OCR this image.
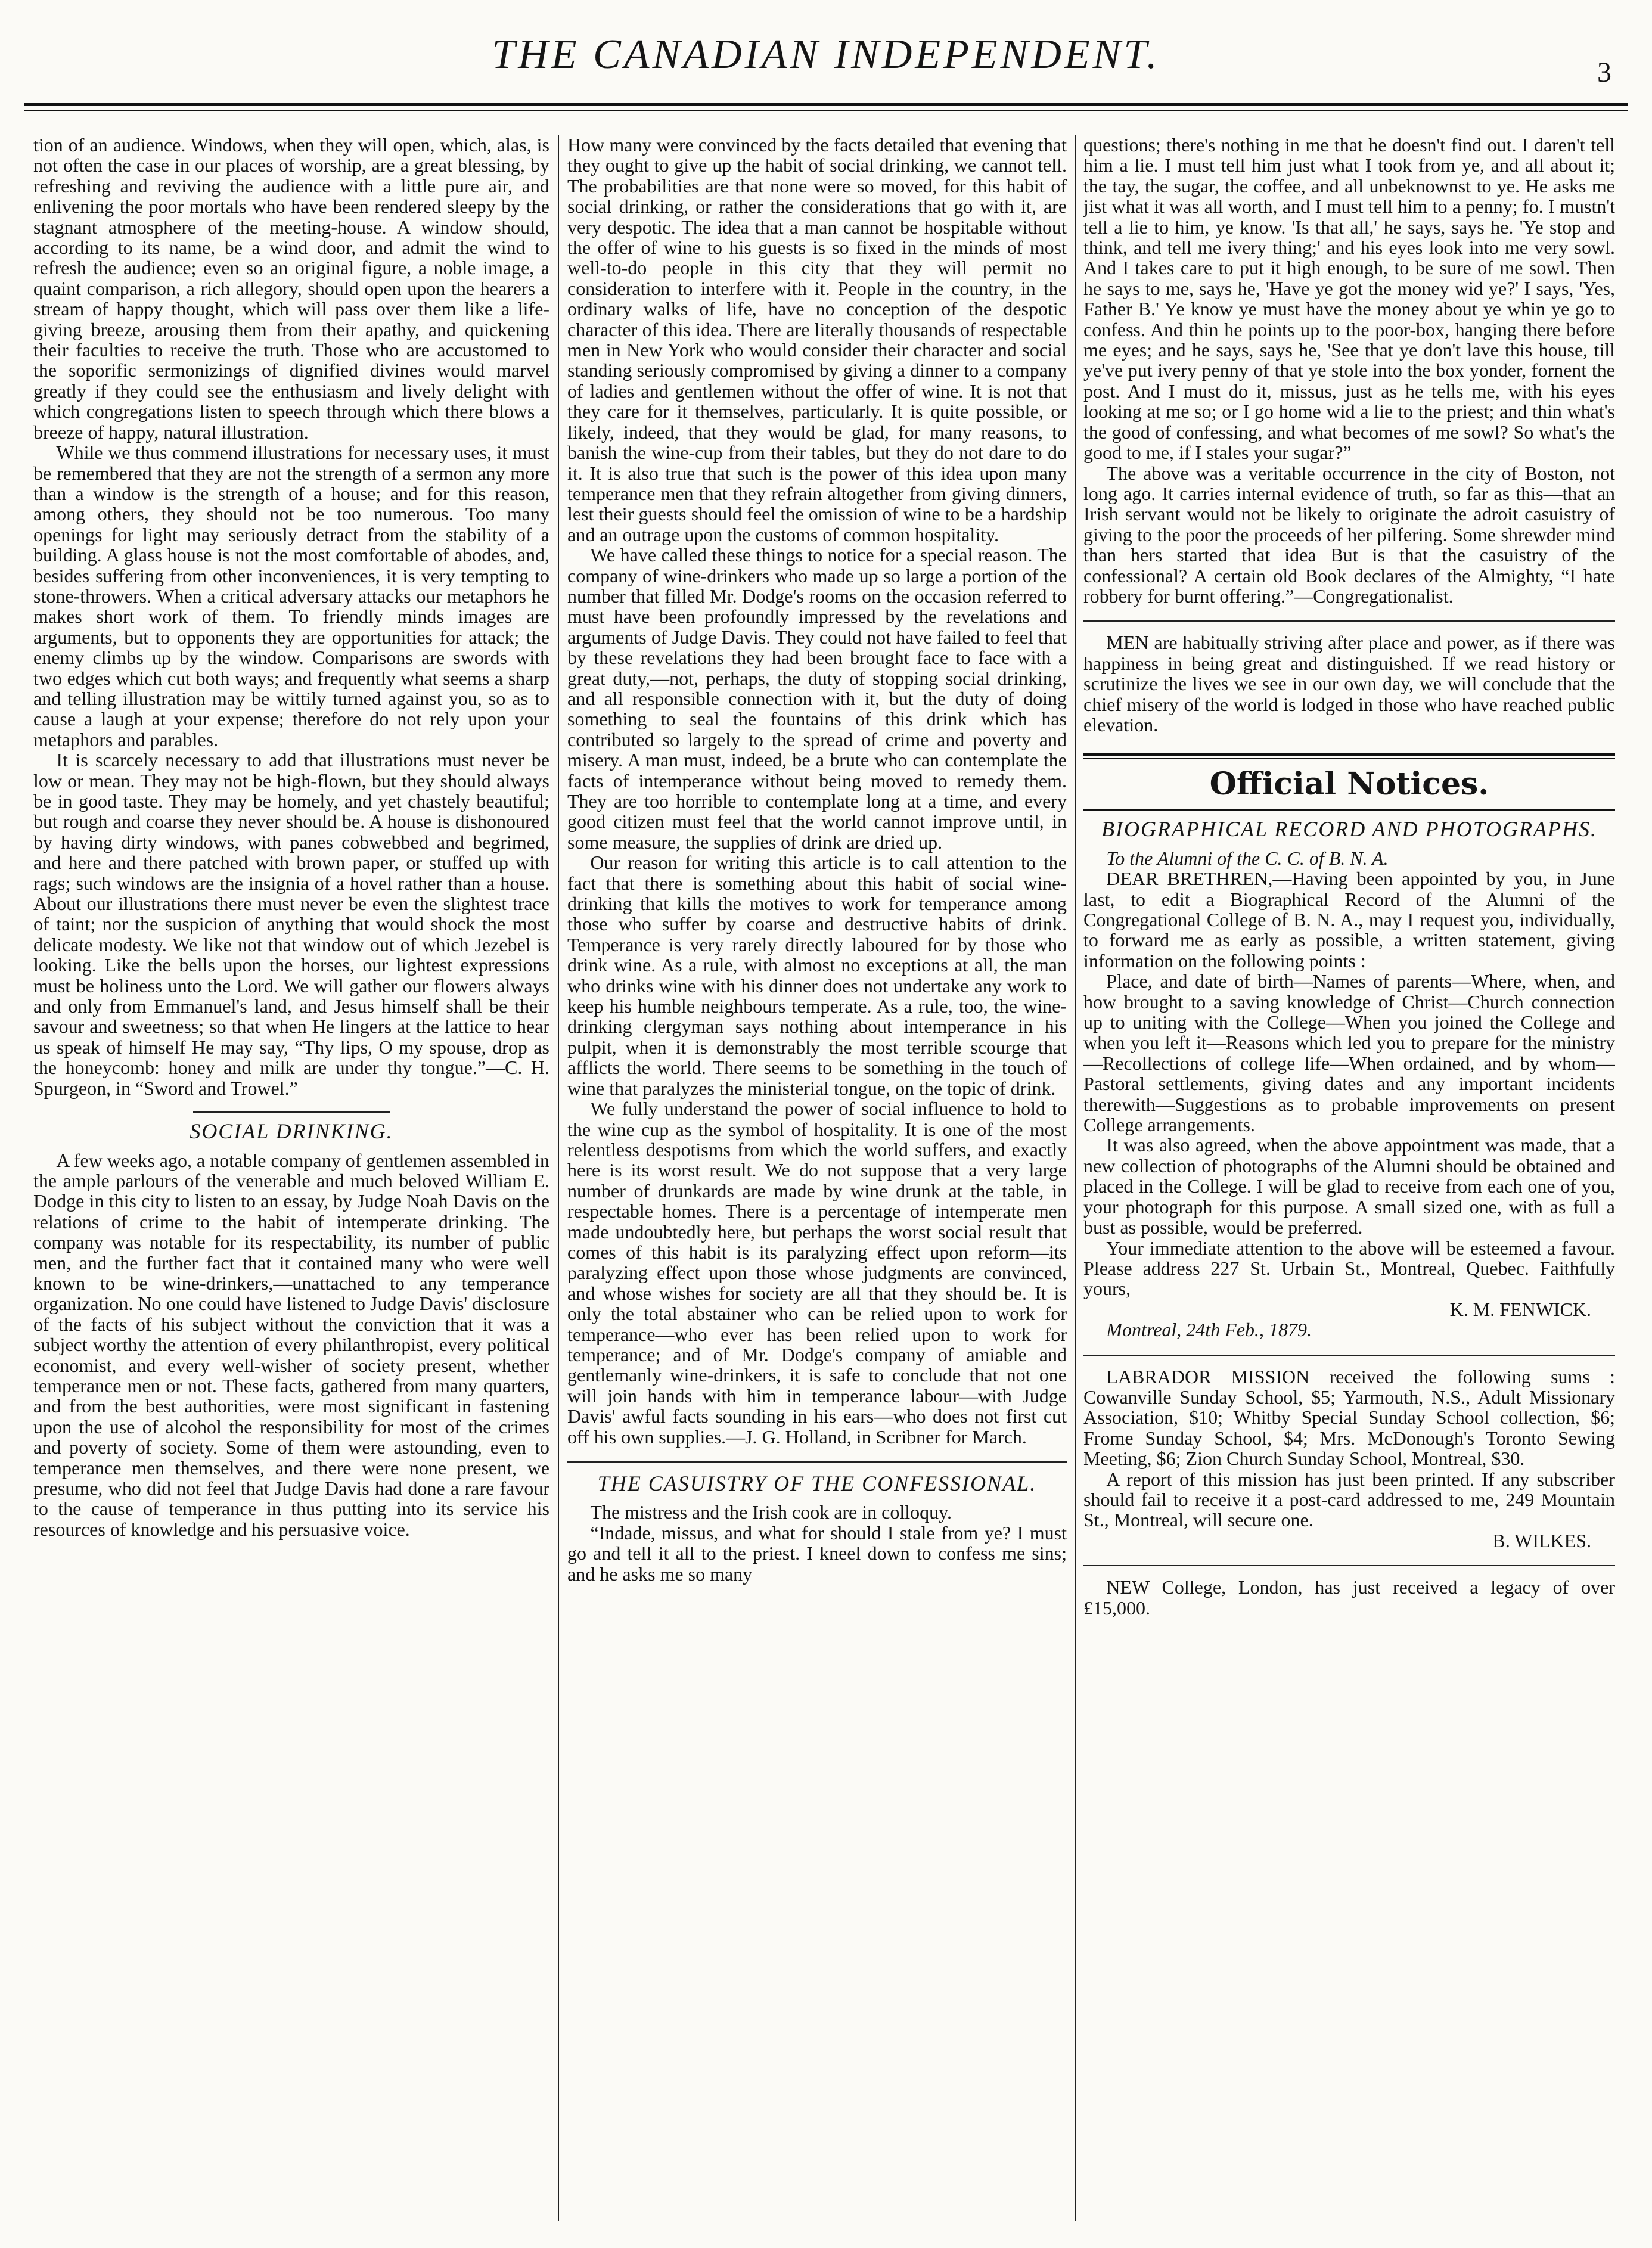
THE CANADIAN INDEPENDENT.	3

tion of an audience. Windows, when they will open, which, alas, is not often the case in our places of worship, are a great blessing, by refreshing and reviving the audience with a little pure air, and enlivening the poor mortals who have been rendered sleepy by the stagnant atmosphere of the meeting-house. A window should, according to its name, be a wind door, and admit the wind to refresh the audience; even so an original figure, a noble image, a quaint comparison, a rich allegory, should open upon the hearers a stream of happy thought, which will pass over them like a life-giving breeze, arousing them from their apathy, and quickening their faculties to receive the truth. Those who are accustomed to the soporific sermonizings of dignified divines would marvel greatly if they could see the enthusiasm and lively delight with which congregations listen to speech through which there blows a breeze of happy, natural illustration.

While we thus commend illustrations for necessary uses, it must be remembered that they are not the strength of a sermon any more than a window is the strength of a house; and for this reason, among others, they should not be too numerous. Too many openings for light may seriously detract from the stability of a building. A glass house is not the most comfortable of abodes, and, besides suffering from other inconveniences, it is very tempting to stone-throwers. When a critical adversary attacks our metaphors he makes short work of them. To friendly minds images are arguments, but to opponents they are opportunities for attack; the enemy climbs up by the window. Comparisons are swords with two edges which cut both ways; and frequently what seems a sharp and telling illustration may be wittily turned against you, so as to cause a laugh at your expense; therefore do not rely upon your metaphors and parables.

It is scarcely necessary to add that illustrations must never be low or mean. They may not be high-flown, but they should always be in good taste. They may be homely, and yet chastely beautiful; but rough and coarse they never should be. A house is dishonoured by having dirty windows, with panes cobwebbed and begrimed, and here and there patched with brown paper, or stuffed up with rags; such windows are the insignia of a hovel rather than a house. About our illustrations there must never be even the slightest trace of taint; nor the suspicion of anything that would shock the most delicate modesty. We like not that window out of which Jezebel is looking. Like the bells upon the horses, our lightest expressions must be holiness unto the Lord. We will gather our flowers always and only from Emmanuel's land, and Jesus himself shall be their savour and sweetness; so that when He lingers at the lattice to hear us speak of himself He may say, “Thy lips, O my spouse, drop as the honeycomb: honey and milk are under thy tongue.”—C. H. Spurgeon, in “Sword and Trowel.”

SOCIAL DRINKING.

A few weeks ago, a notable company of gentlemen assembled in the ample parlours of the venerable and much beloved William E. Dodge in this city to listen to an essay, by Judge Noah Davis on the relations of crime to the habit of intemperate drinking. The company was notable for its respectability, its number of public men, and the further fact that it contained many who were well known to be wine-drinkers,—unattached to any temperance organization. No one could have listened to Judge Davis' disclosure of the facts of his subject without the conviction that it was a subject worthy the attention of every philanthropist, every political economist, and every well-wisher of society present, whether temperance men or not. These facts, gathered from many quarters, and from the best authorities, were most significant in fastening upon the use of alcohol the responsibility for most of the crimes and poverty of society. Some of them were astounding, even to temperance men themselves, and there were none present, we presume, who did not feel that Judge Davis had done a rare favour to the cause of temperance in thus putting into its service his resources of knowledge and his persuasive voice.

How many were convinced by the facts detailed that evening that they ought to give up the habit of social drinking, we cannot tell. The probabilities are that none were so moved, for this habit of social drinking, or rather the considerations that go with it, are very despotic. The idea that a man cannot be hospitable without the offer of wine to his guests is so fixed in the minds of most well-to-do people in this city that they will permit no consideration to interfere with it. People in the country, in the ordinary walks of life, have no conception of the despotic character of this idea. There are literally thousands of respectable men in New York who would consider their character and social standing seriously compromised by giving a dinner to a company of ladies and gentlemen without the offer of wine. It is not that they care for it themselves, particularly. It is quite possible, or likely, indeed, that they would be glad, for many reasons, to banish the wine-cup from their tables, but they do not dare to do it. It is also true that such is the power of this idea upon many temperance men that they refrain altogether from giving dinners, lest their guests should feel the omission of wine to be a hardship and an outrage upon the customs of common hospitality.

We have called these things to notice for a special reason. The company of wine-drinkers who made up so large a portion of the number that filled Mr. Dodge's rooms on the occasion referred to must have been profoundly impressed by the revelations and arguments of Judge Davis. They could not have failed to feel that by these revelations they had been brought face to face with a great duty,—not, perhaps, the duty of stopping social drinking, and all responsible connection with it, but the duty of doing something to seal the fountains of this drink which has contributed so largely to the spread of crime and poverty and misery. A man must, indeed, be a brute who can contemplate the facts of intemperance without being moved to remedy them. They are too horrible to contemplate long at a time, and every good citizen must feel that the world cannot improve until, in some measure, the supplies of drink are dried up.

Our reason for writing this article is to call attention to the fact that there is something about this habit of social wine-drinking that kills the motives to work for temperance among those who suffer by coarse and destructive habits of drink. Temperance is very rarely directly laboured for by those who drink wine. As a rule, with almost no exceptions at all, the man who drinks wine with his dinner does not undertake any work to keep his humble neighbours temperate. As a rule, too, the wine-drinking clergyman says nothing about intemperance in his pulpit, when it is demonstrably the most terrible scourge that afflicts the world. There seems to be something in the touch of wine that paralyzes the ministerial tongue, on the topic of drink.

We fully understand the power of social influence to hold to the wine cup as the symbol of hospitality. It is one of the most relentless despotisms from which the world suffers, and exactly here is its worst result. We do not suppose that a very large number of drunkards are made by wine drunk at the table, in respectable homes. There is a percentage of intemperate men made undoubtedly here, but perhaps the worst social result that comes of this habit is its paralyzing effect upon reform—its paralyzing effect upon those whose judgments are convinced, and whose wishes for society are all that they should be. It is only the total abstainer who can be relied upon to work for temperance—who ever has been relied upon to work for temperance; and of Mr. Dodge's company of amiable and gentlemanly wine-drinkers, it is safe to conclude that not one will join hands with him in temperance labour—with Judge Davis' awful facts sounding in his ears—who does not first cut off his own supplies.—J. G. Holland, in Scribner for March.

THE CASUISTRY OF THE CONFESSIONAL.

The mistress and the Irish cook are in colloquy.

“Indade, missus, and what for should I stale from ye? I must go and tell it all to the priest. I kneel down to confess me sins; and he asks me so many

questions; there's nothing in me that he doesn't find out. I daren't tell him a lie. I must tell him just what I took from ye, and all about it; the tay, the sugar, the coffee, and all unbeknownst to ye. He asks me jist what it was all worth, and I must tell him to a penny; fo. I mustn't tell a lie to him, ye know. 'Is that all,' he says, says he. 'Ye stop and think, and tell me ivery thing;' and his eyes look into me very sowl. And I takes care to put it high enough, to be sure of me sowl. Then he says to me, says he, 'Have ye got the money wid ye?' I says, 'Yes, Father B.' Ye know ye must have the money about ye whin ye go to confess. And thin he points up to the poor-box, hanging there before me eyes; and he says, says he, 'See that ye don't lave this house, till ye've put ivery penny of that ye stole into the box yonder, fornent the post. And I must do it, missus, just as he tells me, with his eyes looking at me so; or I go home wid a lie to the priest; and thin what's the good of confessing, and what becomes of me sowl? So what's the good to me, if I stales your sugar?”

The above was a veritable occurrence in the city of Boston, not long ago. It carries internal evidence of truth, so far as this—that an Irish servant would not be likely to originate the adroit casuistry of giving to the poor the proceeds of her pilfering. Some shrewder mind than hers started that idea But is that the casuistry of the confessional? A certain old Book declares of the Almighty, “I hate robbery for burnt offering.”—Congregationalist.

MEN are habitually striving after place and power, as if there was happiness in being great and distinguished. If we read history or scrutinize the lives we see in our own day, we will conclude that the chief misery of the world is lodged in those who have reached public elevation.

Official Notices.
BIOGRAPHICAL RECORD AND PHOTOGRAPHS.
To the Alumni of the C. C. of B. N. A.

DEAR BRETHREN,—Having been appointed by you, in June last, to edit a Biographical Record of the Alumni of the Congregational College of B. N. A., may I request you, individually, to forward me as early as possible, a written statement, giving information on the following points :

Place, and date of birth—Names of parents—Where, when, and how brought to a saving knowledge of Christ—Church connection up to uniting with the College—When you joined the College and when you left it—Reasons which led you to prepare for the ministry—Recollections of college life—When ordained, and by whom—Pastoral settlements, giving dates and any important incidents therewith—Suggestions as to probable improvements on present College arrangements.

It was also agreed, when the above appointment was made, that a new collection of photographs of the Alumni should be obtained and placed in the College. I will be glad to receive from each one of you, your photograph for this purpose. A small sized one, with as full a bust as possible, would be preferred.

Your immediate attention to the above will be esteemed a favour. Please address 227 St. Urbain St., Montreal, Quebec. Faithfully yours,

K. M. FENWICK.
Montreal, 24th Feb., 1879.

LABRADOR MISSION received the following sums : Cowanville Sunday School, $5; Yarmouth, N.S., Adult Missionary Association, $10; Whitby Special Sunday School collection, $6; Frome Sunday School, $4; Mrs. McDonough's Toronto Sewing Meeting, $6; Zion Church Sunday School, Montreal, $30.

A report of this mission has just been printed. If any subscriber should fail to receive it a post-card addressed to me, 249 Mountain St., Montreal, will secure one.

B. WILKES.

NEW College, London, has just received a legacy of over £15,000.
